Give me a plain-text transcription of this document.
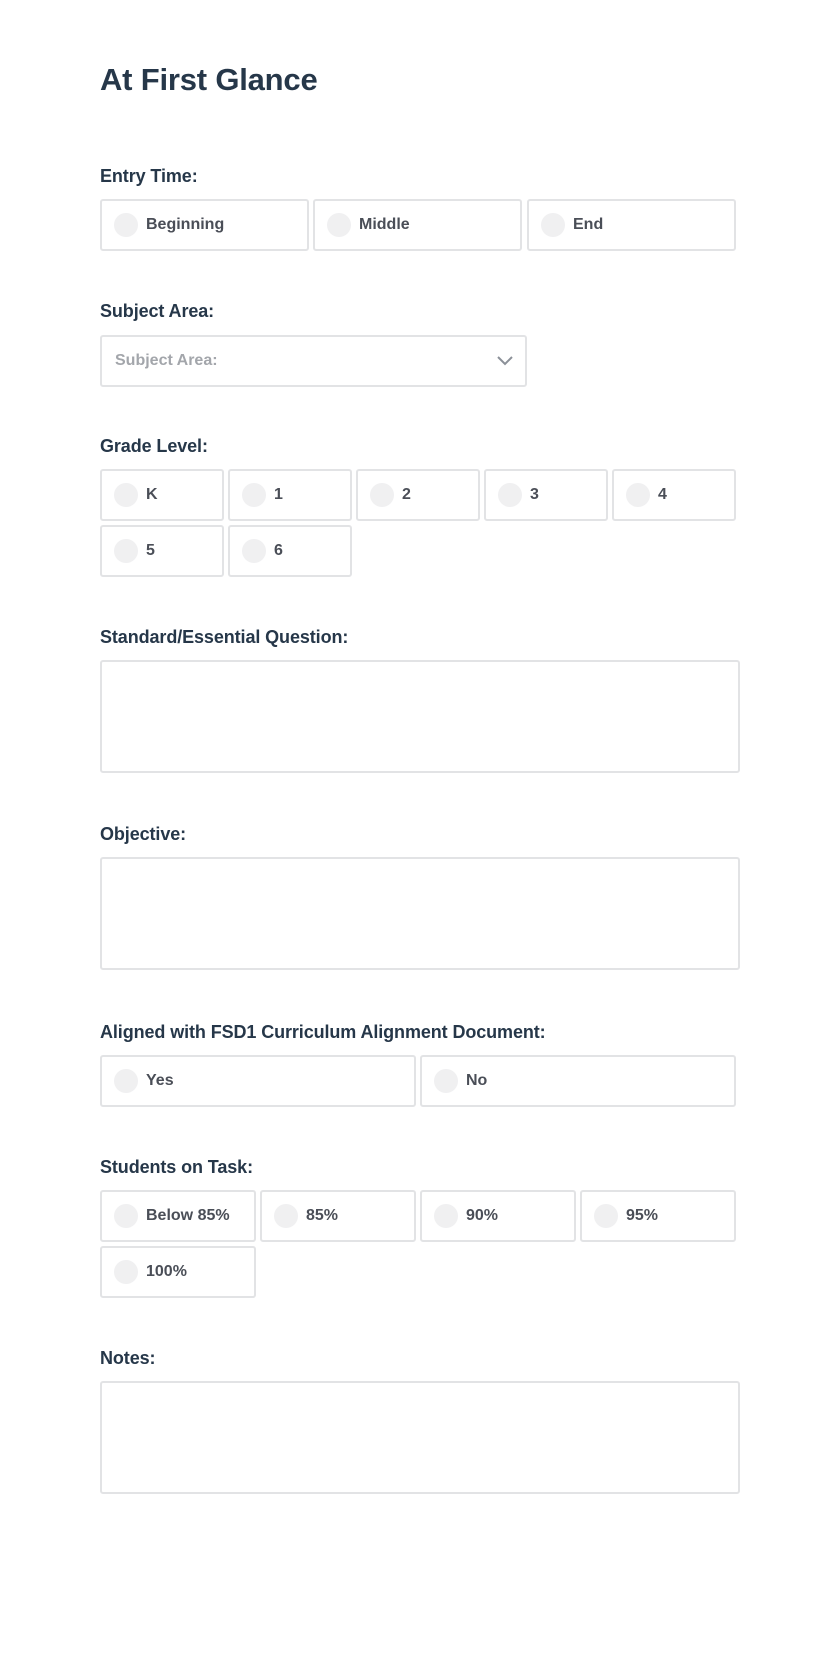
At First Glance
Entry Time:
Beginning	Middle	End
Subject Area:
Subject Area:
Grade Level:
K	1	2	3	4
5	6
Standard/Essential Question:
Objective:
Aligned with FSD1 Curriculum Alignment Document:
Yes	No
Students on Task:
Below 85%	85%	90%	95%
100%
Notes:
